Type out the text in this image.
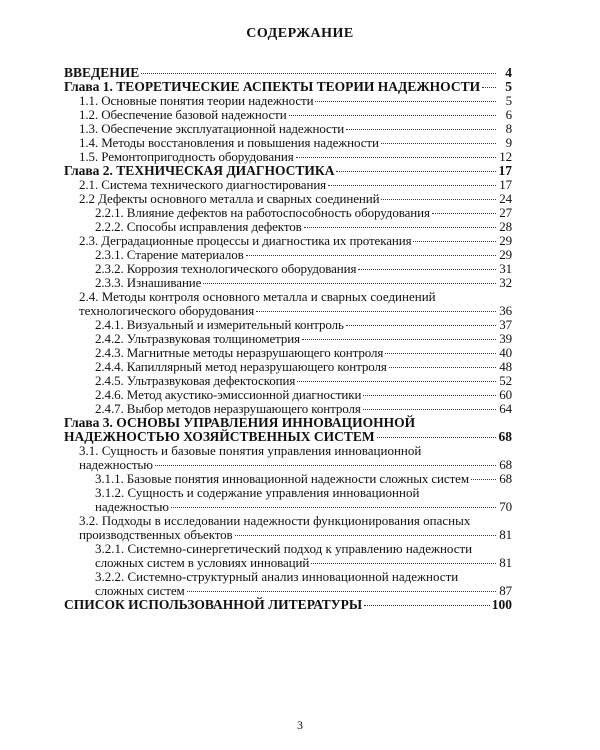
СОДЕРЖАНИЕ
ВВЕДЕНИЕ	4
Глава 1. ТЕОРЕТИЧЕСКИЕ АСПЕКТЫ ТЕОРИИ НАДЕЖНОСТИ	5
1.1. Основные понятия теории надежности	5
1.2. Обеспечение базовой надежности	6
1.3. Обеспечение эксплуатационной надежности	8
1.4. Методы восстановления и повышения надежности	9
1.5. Ремонтопригодность оборудования	12
Глава 2. ТЕХНИЧЕСКАЯ ДИАГНОСТИКА	17
2.1. Система технического диагностирования	17
2.2 Дефекты основного металла и сварных соединений	24
2.2.1. Влияние дефектов на работоспособность оборудования	27
2.2.2. Способы исправления дефектов	28
2.3. Деградационные процессы и диагностика их протекания	29
2.3.1. Старение материалов	29
2.3.2. Коррозия технологического оборудования	31
2.3.3. Изнашивание	32
2.4. Методы контроля основного металла и сварных соединений
технологического оборудования	36
2.4.1. Визуальный и измерительный контроль	37
2.4.2. Ультразвуковая толщинометрия	39
2.4.3. Магнитные методы неразрушающего контроля	40
2.4.4. Капиллярный метод неразрушающего контроля	48
2.4.5. Ультразвуковая дефектоскопия	52
2.4.6. Метод акустико-эмиссионной диагностики	60
2.4.7. Выбор методов неразрушающего контроля	64
Глава 3. ОСНОВЫ УПРАВЛЕНИЯ ИННОВАЦИОННОЙ
НАДЕЖНОСТЬЮ ХОЗЯЙСТВЕННЫХ СИСТЕМ	68
3.1. Сущность и базовые понятия управления инновационной
надежностью	68
3.1.1. Базовые понятия инновационной надежности сложных систем 68
3.1.2. Сущность и содержание управления инновационной
надежностью	70
3.2. Подходы в исследовании надежности функционирования опасных
производственных объектов	81
3.2.1. Системно-синергетический подход к управлению надежности
сложных систем в условиях инноваций	81
3.2.2. Системно-структурный анализ инновационной надежности
сложных систем	87
СПИСОК ИСПОЛЬЗОВАННОЙ ЛИТЕРАТУРЫ	100
3
